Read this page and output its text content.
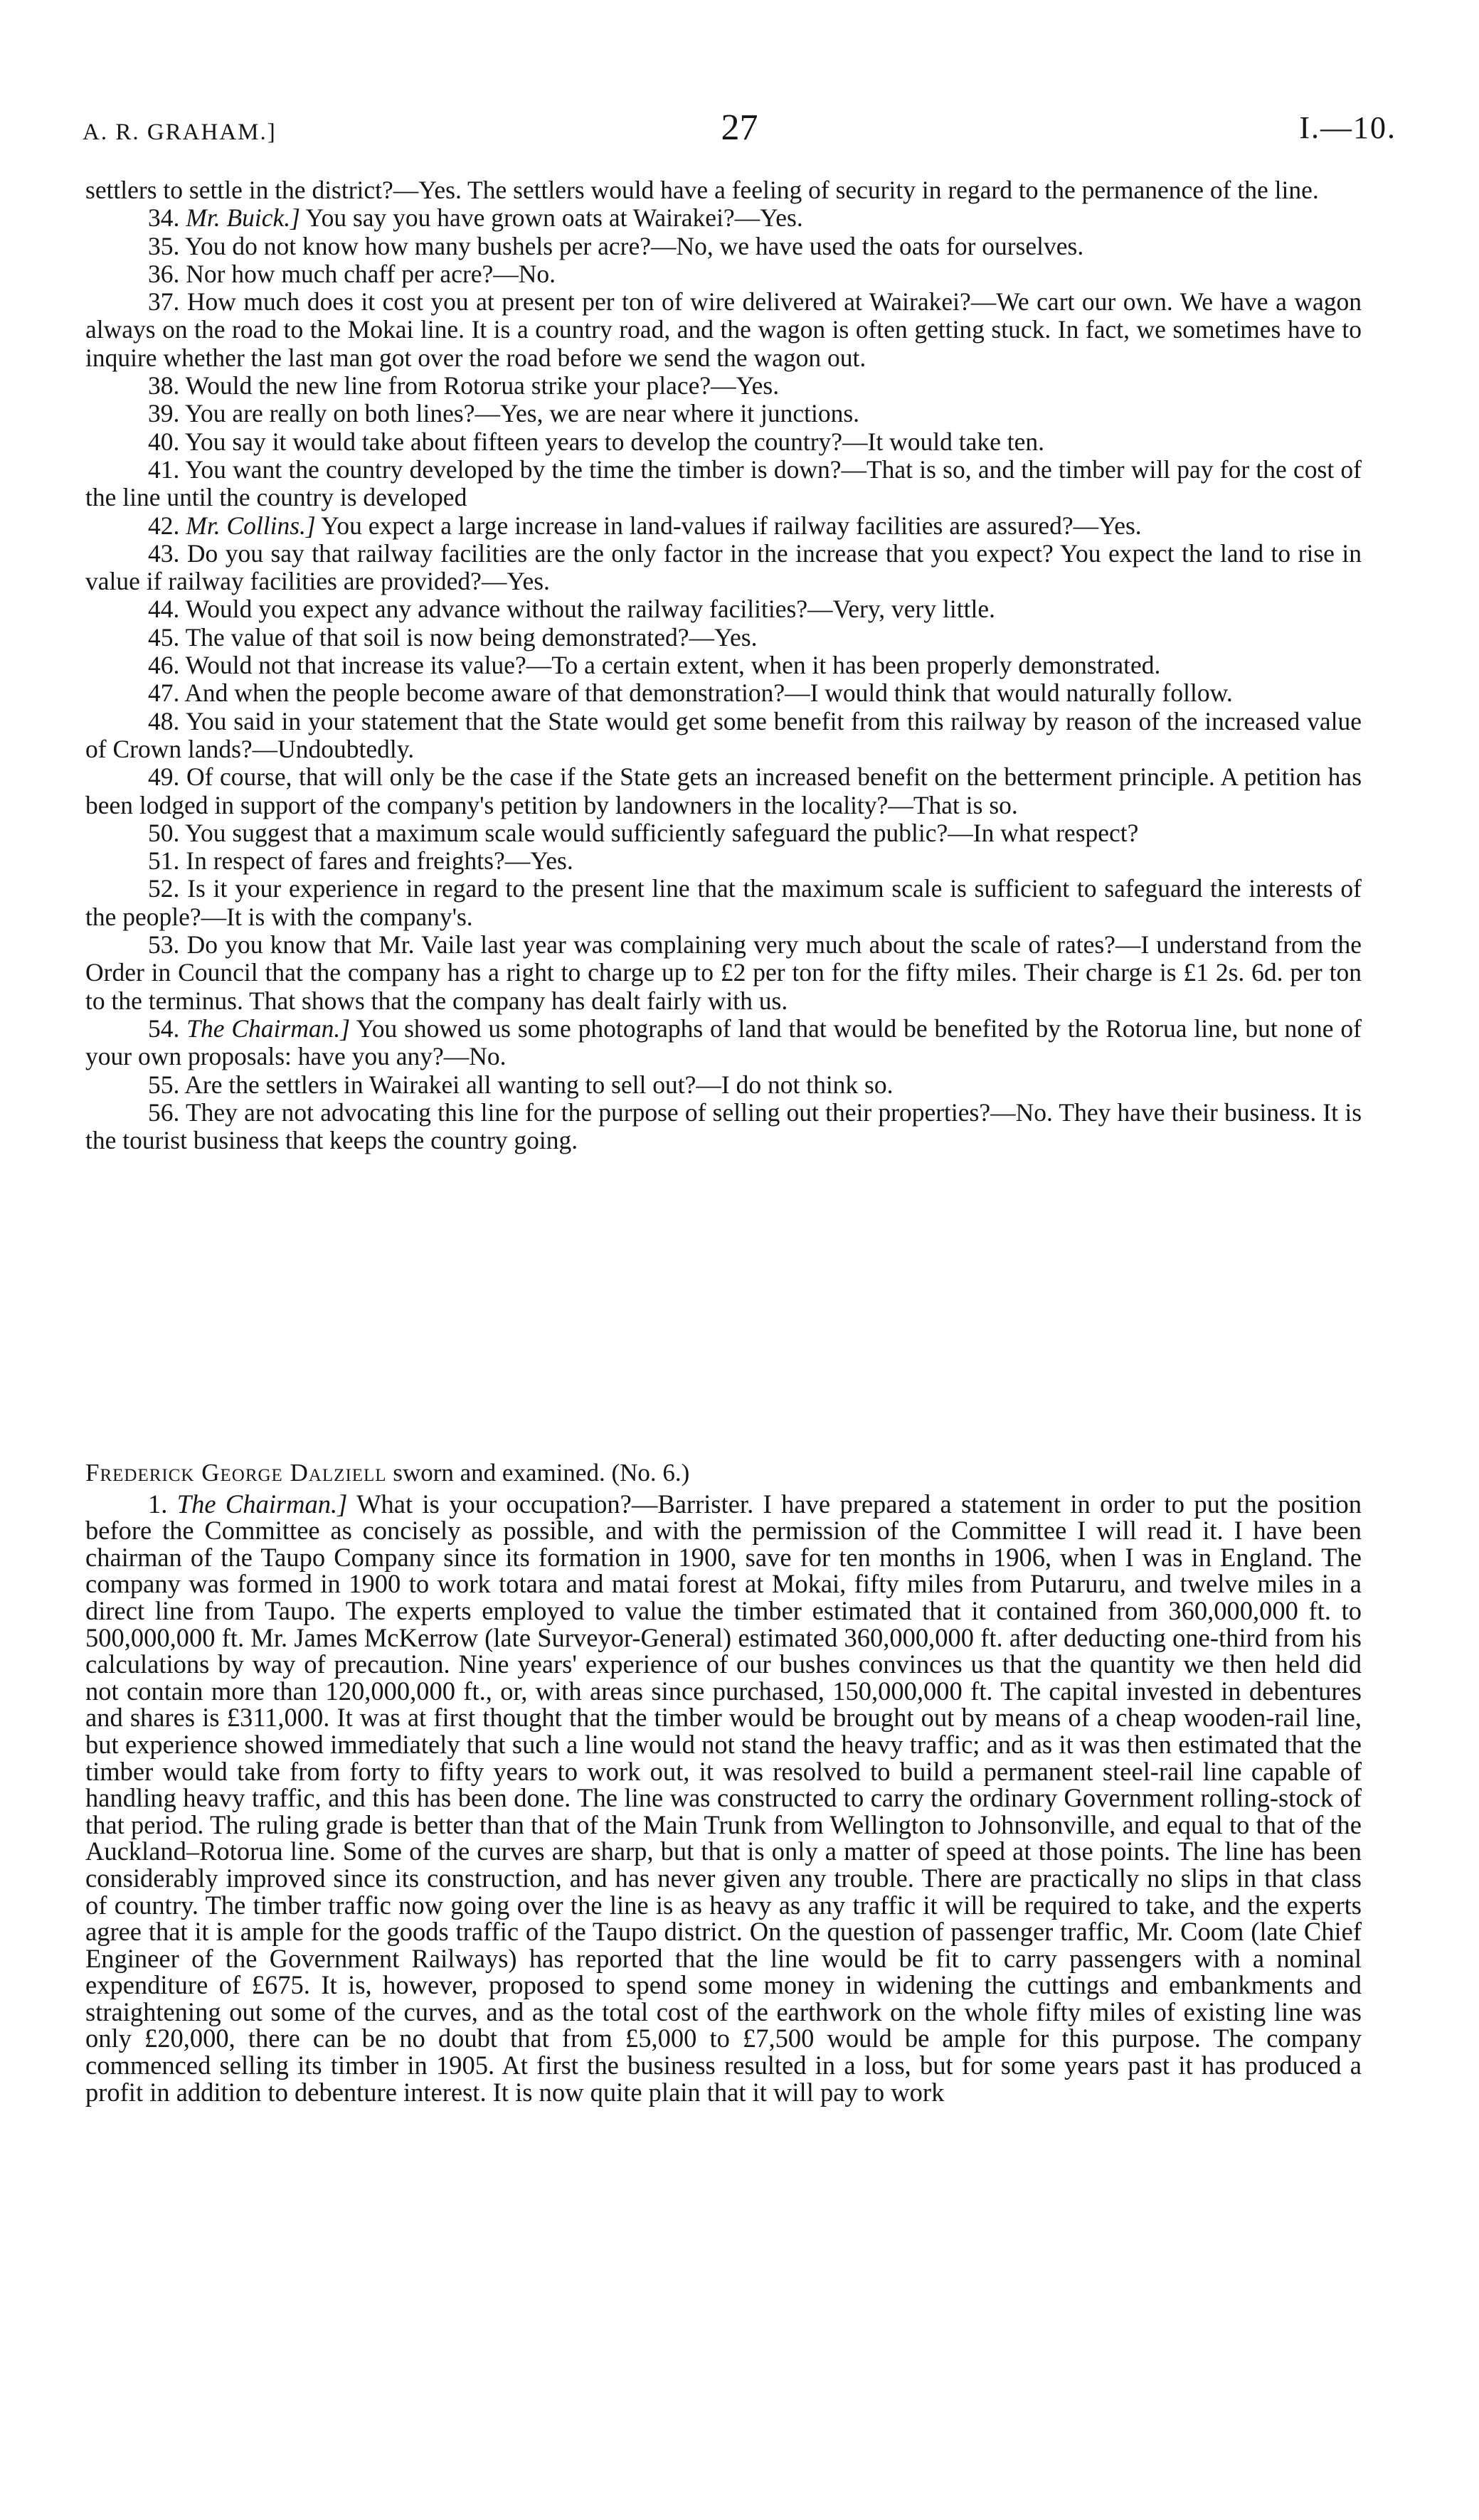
A. R. GRAHAM.]	27	I.—10.

settlers to settle in the district?—Yes. The settlers would have a feeling of security in regard to the permanence of the line.

34. Mr. Buick.] You say you have grown oats at Wairakei?—Yes.

35. You do not know how many bushels per acre?—No, we have used the oats for ourselves.

36. Nor how much chaff per acre?—No.

37. How much does it cost you at present per ton of wire delivered at Wairakei?—We cart our own. We have a wagon always on the road to the Mokai line. It is a country road, and the wagon is often getting stuck. In fact, we sometimes have to inquire whether the last man got over the road before we send the wagon out.

38. Would the new line from Rotorua strike your place?—Yes.

39. You are really on both lines?—Yes, we are near where it junctions.

40. You say it would take about fifteen years to develop the country?—It would take ten.

41. You want the country developed by the time the timber is down?—That is so, and the timber will pay for the cost of the line until the country is developed

42. Mr. Collins.] You expect a large increase in land-values if railway facilities are assured?—Yes.

43. Do you say that railway facilities are the only factor in the increase that you expect? You expect the land to rise in value if railway facilities are provided?—Yes.

44. Would you expect any advance without the railway facilities?—Very, very little.

45. The value of that soil is now being demonstrated?—Yes.

46. Would not that increase its value?—To a certain extent, when it has been properly demonstrated.

47. And when the people become aware of that demonstration?—I would think that would naturally follow.

48. You said in your statement that the State would get some benefit from this railway by reason of the increased value of Crown lands?—Undoubtedly.

49. Of course, that will only be the case if the State gets an increased benefit on the betterment principle. A petition has been lodged in support of the company's petition by landowners in the locality?—That is so.

50. You suggest that a maximum scale would sufficiently safeguard the public?—In what respect?

51. In respect of fares and freights?—Yes.

52. Is it your experience in regard to the present line that the maximum scale is sufficient to safeguard the interests of the people?—It is with the company's.

53. Do you know that Mr. Vaile last year was complaining very much about the scale of rates?—I understand from the Order in Council that the company has a right to charge up to £2 per ton for the fifty miles. Their charge is £1 2s. 6d. per ton to the terminus. That shows that the company has dealt fairly with us.

54. The Chairman.] You showed us some photographs of land that would be benefited by the Rotorua line, but none of your own proposals: have you any?—No.

55. Are the settlers in Wairakei all wanting to sell out?—I do not think so.

56. They are not advocating this line for the purpose of selling out their properties?—No. They have their business. It is the tourist business that keeps the country going.

Frederick George Dalziell sworn and examined. (No. 6.)

1. The Chairman.] What is your occupation?—Barrister. I have prepared a statement in order to put the position before the Committee as concisely as possible, and with the permission of the Committee I will read it. I have been chairman of the Taupo Company since its formation in 1900, save for ten months in 1906, when I was in England. The company was formed in 1900 to work totara and matai forest at Mokai, fifty miles from Putaruru, and twelve miles in a direct line from Taupo. The experts employed to value the timber estimated that it contained from 360,000,000 ft. to 500,000,000 ft. Mr. James McKerrow (late Surveyor-General) estimated 360,000,000 ft. after deducting one-third from his calculations by way of precaution. Nine years' experience of our bushes convinces us that the quantity we then held did not contain more than 120,000,000 ft., or, with areas since purchased, 150,000,000 ft. The capital invested in debentures and shares is £311,000. It was at first thought that the timber would be brought out by means of a cheap wooden-rail line, but experience showed immediately that such a line would not stand the heavy traffic; and as it was then estimated that the timber would take from forty to fifty years to work out, it was resolved to build a permanent steel-rail line capable of handling heavy traffic, and this has been done. The line was constructed to carry the ordinary Government rolling-stock of that period. The ruling grade is better than that of the Main Trunk from Wellington to Johnsonville, and equal to that of the Auckland–Rotorua line. Some of the curves are sharp, but that is only a matter of speed at those points. The line has been considerably improved since its construction, and has never given any trouble. There are practically no slips in that class of country. The timber traffic now going over the line is as heavy as any traffic it will be required to take, and the experts agree that it is ample for the goods traffic of the Taupo district. On the question of passenger traffic, Mr. Coom (late Chief Engineer of the Government Railways) has reported that the line would be fit to carry passengers with a nominal expenditure of £675. It is, however, proposed to spend some money in widening the cuttings and embankments and straightening out some of the curves, and as the total cost of the earthwork on the whole fifty miles of existing line was only £20,000, there can be no doubt that from £5,000 to £7,500 would be ample for this purpose. The company commenced selling its timber in 1905. At first the business resulted in a loss, but for some years past it has produced a profit in addition to debenture interest. It is now quite plain that it will pay to work
